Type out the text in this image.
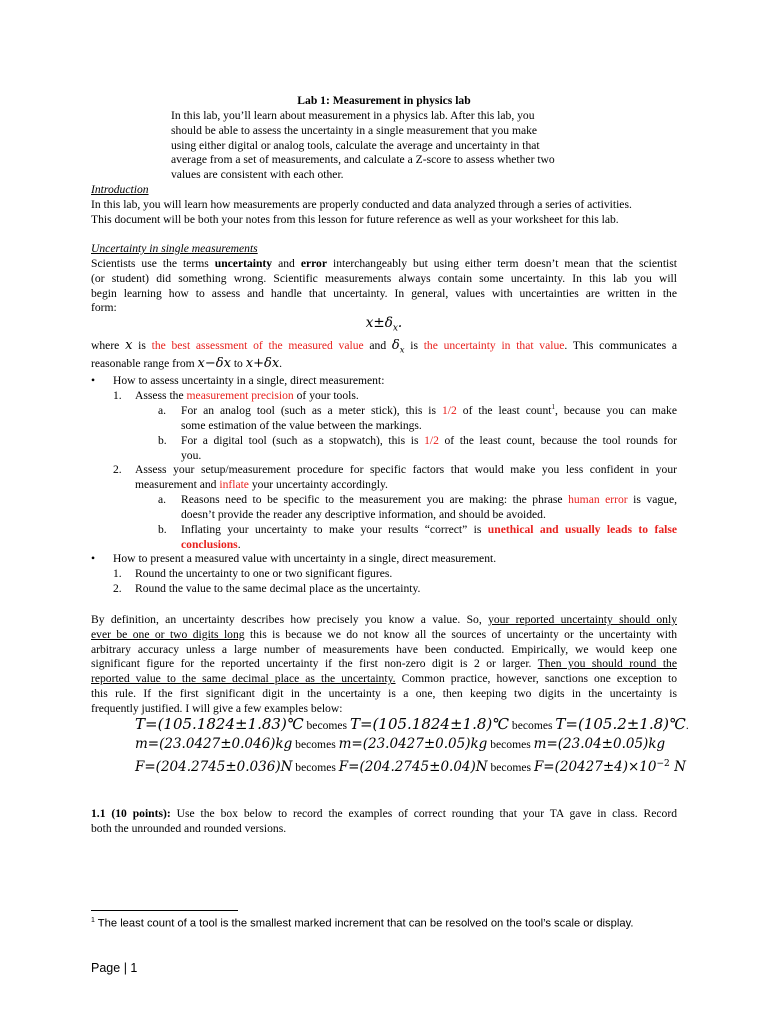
Lab 1: Measurement in physics lab
In this lab, you’ll learn about measurement in a physics lab. After this lab, you
should be able to assess the uncertainty in a single measurement that you make
using either digital or analog tools, calculate the average and uncertainty in that
average from a set of measurements, and calculate a Z-score to assess whether two
values are consistent with each other.
Introduction
In this lab, you will learn how measurements are properly conducted and data analyzed through a series of activities.
This document will be both your notes from this lesson for future reference as well as your worksheet for this lab.
Uncertainty in single measurements
Scientists use the terms uncertainty and error interchangeably but using either term doesn’t mean that the scientist
(or student) did something wrong. Scientific measurements always contain some uncertainty. In this lab you will
begin learning how to assess and handle that uncertainty. In general, values with uncertainties are written in the
form:
$x\pm\delta_x$.
where x is the best assessment of the measured value and $\delta_x$ is the uncertainty in that value. This communicates a
reasonable range from x−δx to x+δx.
• How to assess uncertainty in a single, direct measurement:
1. Assess the measurement precision of your tools.
a. For an analog tool (such as a meter stick), this is 1/2 of the least count$^1$, because you can make
some estimation of the value between the markings.
b. For a digital tool (such as a stopwatch), this is 1/2 of the least count, because the tool rounds for
you.
2. Assess your setup/measurement procedure for specific factors that would make you less confident in your
measurement and inflate your uncertainty accordingly.
a. Reasons need to be specific to the measurement you are making: the phrase human error is vague,
doesn’t provide the reader any descriptive information, and should be avoided.
b. Inflating your uncertainty to make your results “correct” is unethical and usually leads to false
conclusions.
• How to present a measured value with uncertainty in a single, direct measurement.
1. Round the uncertainty to one or two significant figures.
2. Round the value to the same decimal place as the uncertainty.
By definition, an uncertainty describes how precisely you know a value. So, your reported uncertainty should only
ever be one or two digits long this is because we do not know all the sources of uncertainty or the uncertainty with
arbitrary accuracy unless a large number of measurements have been conducted. Empirically, we would keep one
significant figure for the reported uncertainty if the first non-zero digit is 2 or larger. Then you should round the
reported value to the same decimal place as the uncertainty. Common practice, however, sanctions one exception to
this rule. If the first significant digit in the uncertainty is a one, then keeping two digits in the uncertainty is
frequently justified. I will give a few examples below:
T=(105.1824±1.83)℃ becomes T=(105.1824±1.8)℃ becomes T=(105.2±1.8)℃.
m=(23.0427±0.046)kg becomes m=(23.0427±0.05)kg becomes m=(23.04±0.05)kg
F=(204.2745±0.036)N becomes F=(204.2745±0.04)N becomes $F=(20427\pm 4)\times 10^{-2}$ N
1.1 (10 points): Use the box below to record the examples of correct rounding that your TA gave in class. Record
both the unrounded and rounded versions.
$^1$ The least count of a tool is the smallest marked increment that can be resolved on the tool’s scale or display.
Page | 1
